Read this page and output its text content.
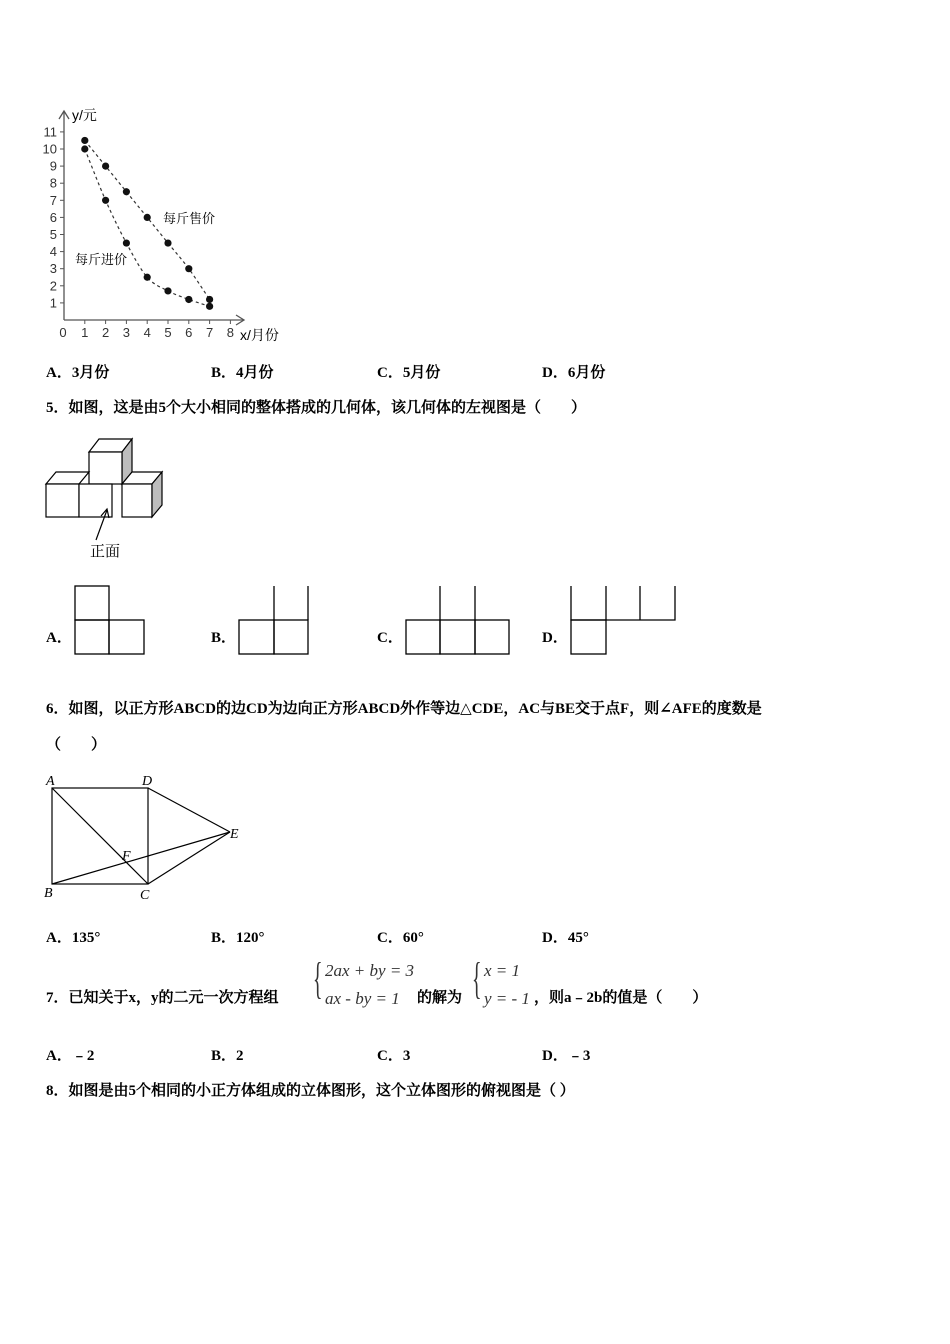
1
2
3
4
5
6
7
8
9
10
11
0 1 2 3 4 5 6 7 8
y/元
x/月份
每斤售价
每斤进价
A．3月份	B．4月份	C．5月份	D．6月份
5．如图，这是由5个大小相同的整体搭成的几何体，该几何体的左视图是（　　）
正面
A．	B．	C．	D．
6．如图，以正方形ABCD的边CD为边向正方形ABCD外作等边△CDE，AC与BE交于点F，则∠AFE的度数是
（　　）
A	D
E
F
B	C
A．135°	B．120°	C．60°	D．45°
7．已知关于x，y的二元一次方程组 { 2ax + by = 3
ax - by = 1 的解为 { x = 1
y = - 1 ，则a﹣2b的值是（　　）
A．﹣2	B．2	C．3	D．﹣3
8．如图是由5个相同的小正方体组成的立体图形，这个立体图形的俯视图是（ ）
